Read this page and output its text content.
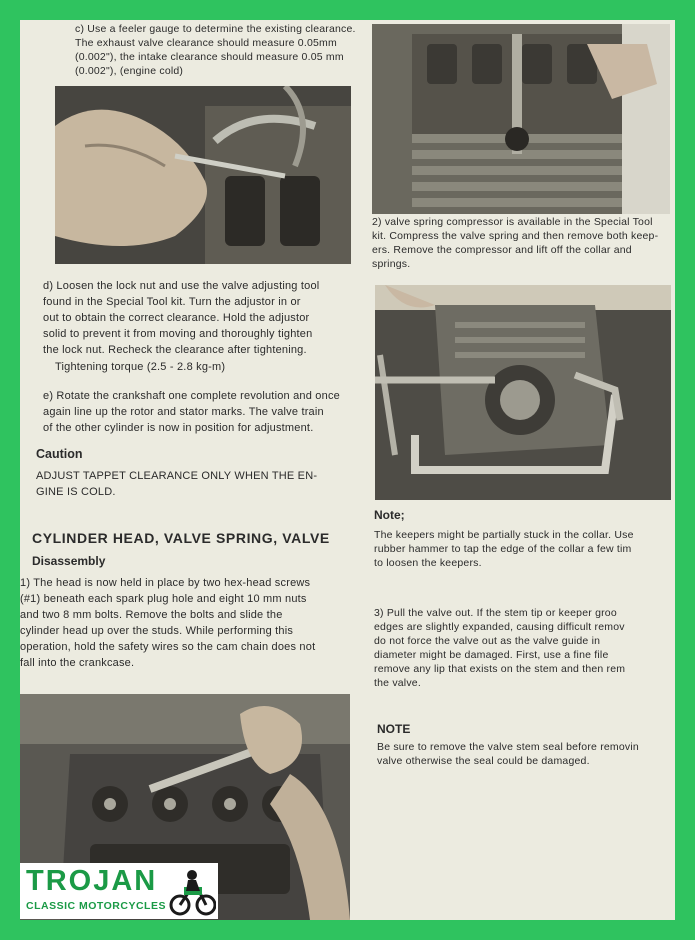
c) Use a feeler gauge to determine the existing clearance.
The exhaust valve clearance should measure 0.05mm
(0.002"), the intake clearance should measure 0.05 mm
(0.002"), (engine cold)

2) valve spring compressor is available in the Special Tool
kit. Compress the valve spring and then remove both keep-
ers. Remove the compressor and lift off the collar and
springs.

d) Loosen the lock nut and use the valve adjusting tool
found in the Special Tool kit. Turn the adjustor in or
out to obtain the correct clearance. Hold the adjustor
solid to prevent it from moving and thoroughly tighten
the lock nut. Recheck the clearance after tightening.

Tightening torque (2.5 - 2.8 kg-m)

e) Rotate the crankshaft one complete revolution and once
again line up the rotor and stator marks. The valve train
of the other cylinder is now in position for adjustment.

Caution

ADJUST TAPPET CLEARANCE ONLY WHEN THE EN-
GINE IS COLD.

CYLINDER HEAD, VALVE SPRING, VALVE

Disassembly

1) The head is now held in place by two hex-head screws
(#1) beneath each spark plug hole and eight 10 mm nuts
and two 8 mm bolts. Remove the bolts and slide the
cylinder head up over the studs. While performing this
operation, hold the safety wires so the cam chain does not
fall into the crankcase.

Note;

The keepers might be partially stuck in the collar. Use
rubber hammer to tap the edge of the collar a few tim
to loosen the keepers.

3) Pull the valve out. If the stem tip or keeper groo
edges are slightly expanded, causing difficult remov
do not force the valve out as the valve guide in
diameter might be damaged. First, use a fine file
remove any lip that exists on the stem and then rem
the valve.

NOTE

Be sure to remove the valve stem seal before removin
valve otherwise the seal could be damaged.

TROJAN
CLASSIC MOTORCYCLES
